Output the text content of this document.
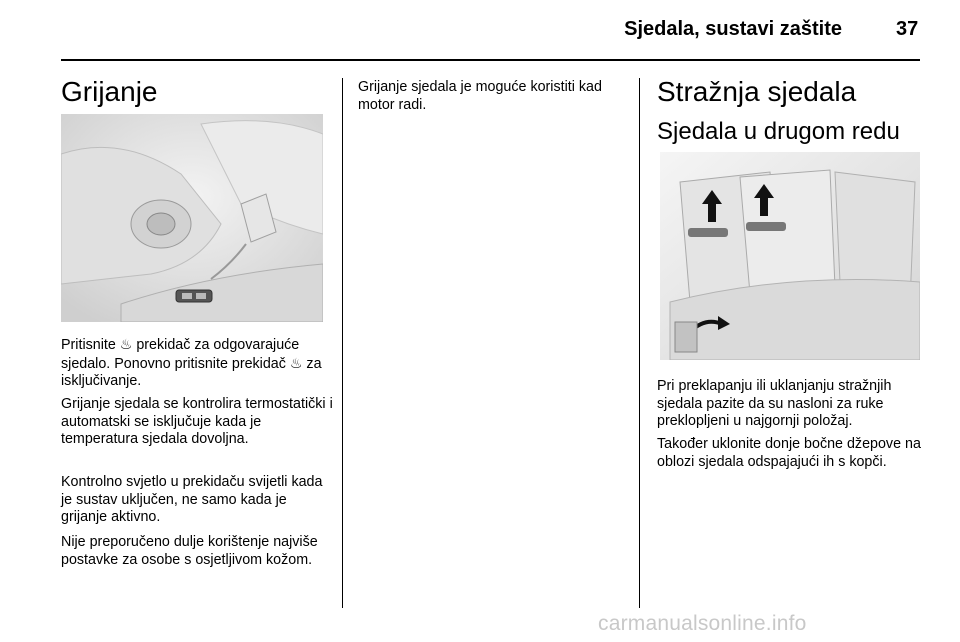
Sjedala, sustavi zaštite	37
Grijanje

Pritisnite ♨ prekidač za odgovarajuće sjedalo. Ponovno pritisnite prekidač ♨ za isključivanje.

Grijanje sjedala se kontrolira termostatički i automatski se isključuje kada je temperatura sjedala dovoljna.

Kontrolno svjetlo u prekidaču svijetli kada je sustav uključen, ne samo kada je grijanje aktivno.

Nije preporučeno dulje korištenje najviše postavke za osobe s osjetljivom kožom.

Grijanje sjedala je moguće koristiti kad motor radi.	Stražnja sjedala
Sjedala u drugom redu

Pri preklapanju ili uklanjanju stražnjih sjedala pazite da su nasloni za ruke preklopljeni u najgornji položaj.

Također uklonite donje bočne džepove na oblozi sjedala odspajajući ih s kopči.

carmanualsonline.info
